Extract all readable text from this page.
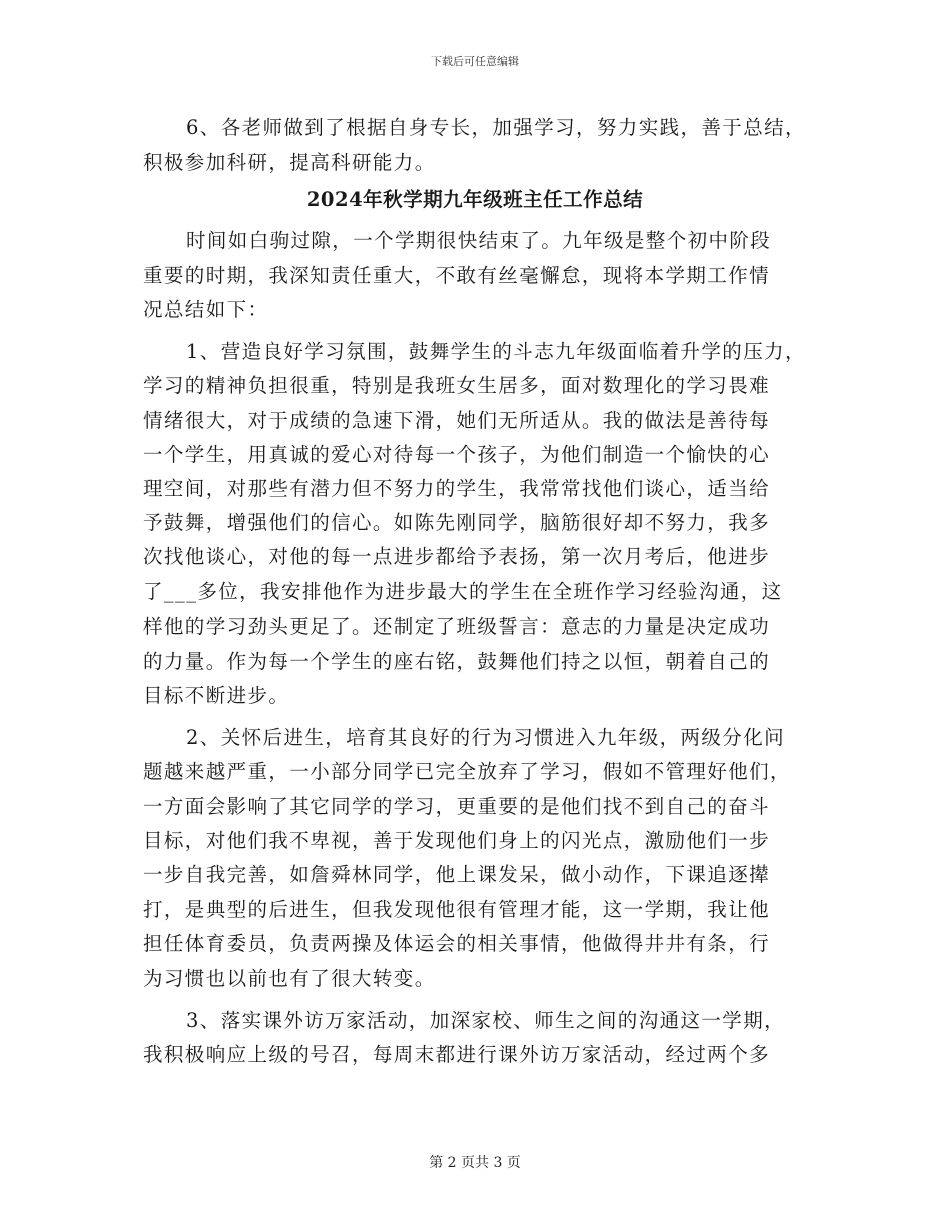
下载后可任意编辑
6、各老师做到了根据自身专长，加强学习，努力实践，善于总结，
积极参加科研，提高科研能力。
2024年秋学期九年级班主任工作总结
时间如白驹过隙，一个学期很快结束了。九年级是整个初中阶段
重要的时期，我深知责任重大，不敢有丝毫懈怠，现将本学期工作情
况总结如下：
1、营造良好学习氛围，鼓舞学生的斗志九年级面临着升学的压力，
学习的精神负担很重，特别是我班女生居多，面对数理化的学习畏难
情绪很大，对于成绩的急速下滑，她们无所适从。我的做法是善待每
一个学生，用真诚的爱心对待每一个孩子，为他们制造一个愉快的心
理空间，对那些有潜力但不努力的学生，我常常找他们谈心，适当给
予鼓舞，增强他们的信心。如陈先刚同学，脑筋很好却不努力，我多
次找他谈心，对他的每一点进步都给予表扬，第一次月考后，他进步
了___多位，我安排他作为进步最大的学生在全班作学习经验沟通，这
样他的学习劲头更足了。还制定了班级誓言：意志的力量是决定成功
的力量。作为每一个学生的座右铭，鼓舞他们持之以恒，朝着自己的
目标不断进步。
2、关怀后进生，培育其良好的行为习惯进入九年级，两级分化问
题越来越严重，一小部分同学已完全放弃了学习，假如不管理好他们，
一方面会影响了其它同学的学习，更重要的是他们找不到自己的奋斗
目标，对他们我不卑视，善于发现他们身上的闪光点，激励他们一步
一步自我完善，如詹舜林同学，他上课发呆，做小动作，下课追逐撵
打，是典型的后进生，但我发现他很有管理才能，这一学期，我让他
担任体育委员，负责两操及体运会的相关事情，他做得井井有条，行
为习惯也以前也有了很大转变。
3、落实课外访万家活动，加深家校、师生之间的沟通这一学期，
我积极响应上级的号召，每周末都进行课外访万家活动，经过两个多
第 2 页共 3 页
